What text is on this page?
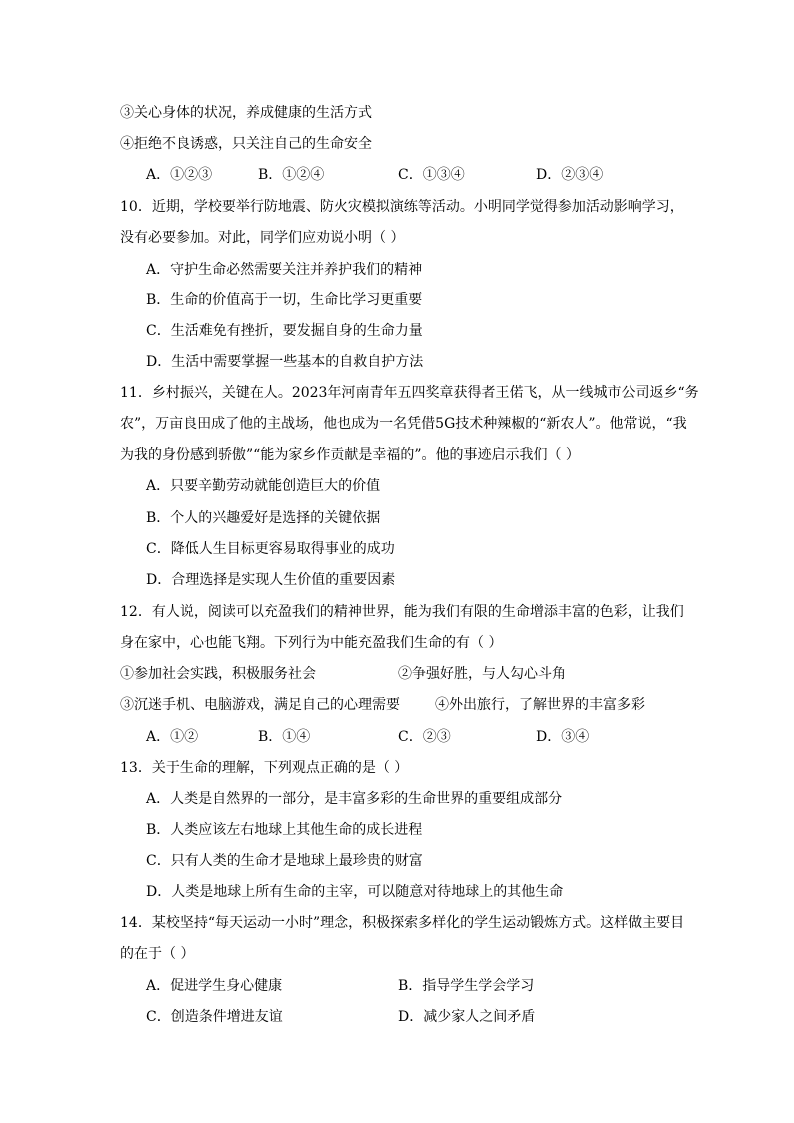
③关心身体的状况，养成健康的生活方式
④拒绝不良诱惑，只关注自己的生命安全
A．①②③	B．①②④	C．①③④	D．②③④
10．近期，学校要举行防地震、防火灾模拟演练等活动。小明同学觉得参加活动影响学习，
没有必要参加。对此，同学们应劝说小明（ ）
A．守护生命必然需要关注并养护我们的精神
B．生命的价值高于一切，生命比学习更重要
C．生活难免有挫折，要发掘自身的生命力量
D．生活中需要掌握一些基本的自救自护方法
11．乡村振兴，关键在人。2023年河南青年五四奖章获得者王偌飞，从一线城市公司返乡“务
农”，万亩良田成了他的主战场，他也成为一名凭借5G技术种辣椒的“新农人”。他常说，“我
为我的身份感到骄傲”“能为家乡作贡献是幸福的”。他的事迹启示我们（ ）
A．只要辛勤劳动就能创造巨大的价值
B．个人的兴趣爱好是选择的关键依据
C．降低人生目标更容易取得事业的成功
D．合理选择是实现人生价值的重要因素
12．有人说，阅读可以充盈我们的精神世界，能为我们有限的生命增添丰富的色彩，让我们
身在家中，心也能飞翔。下列行为中能充盈我们生命的有（ ）
①参加社会实践，积极服务社会	②争强好胜，与人勾心斗角
③沉迷手机、电脑游戏，满足自己的心理需要	④外出旅行，了解世界的丰富多彩
A．①②	B．①④	C．②③	D．③④
13．关于生命的理解，下列观点正确的是（ ）
A．人类是自然界的一部分，是丰富多彩的生命世界的重要组成部分
B．人类应该左右地球上其他生命的成长进程
C．只有人类的生命才是地球上最珍贵的财富
D．人类是地球上所有生命的主宰，可以随意对待地球上的其他生命
14．某校坚持“每天运动一小时”理念，积极探索多样化的学生运动锻炼方式。这样做主要目
的在于（ ）
A．促进学生身心健康	B．指导学生学会学习
C．创造条件增进友谊	D．减少家人之间矛盾
